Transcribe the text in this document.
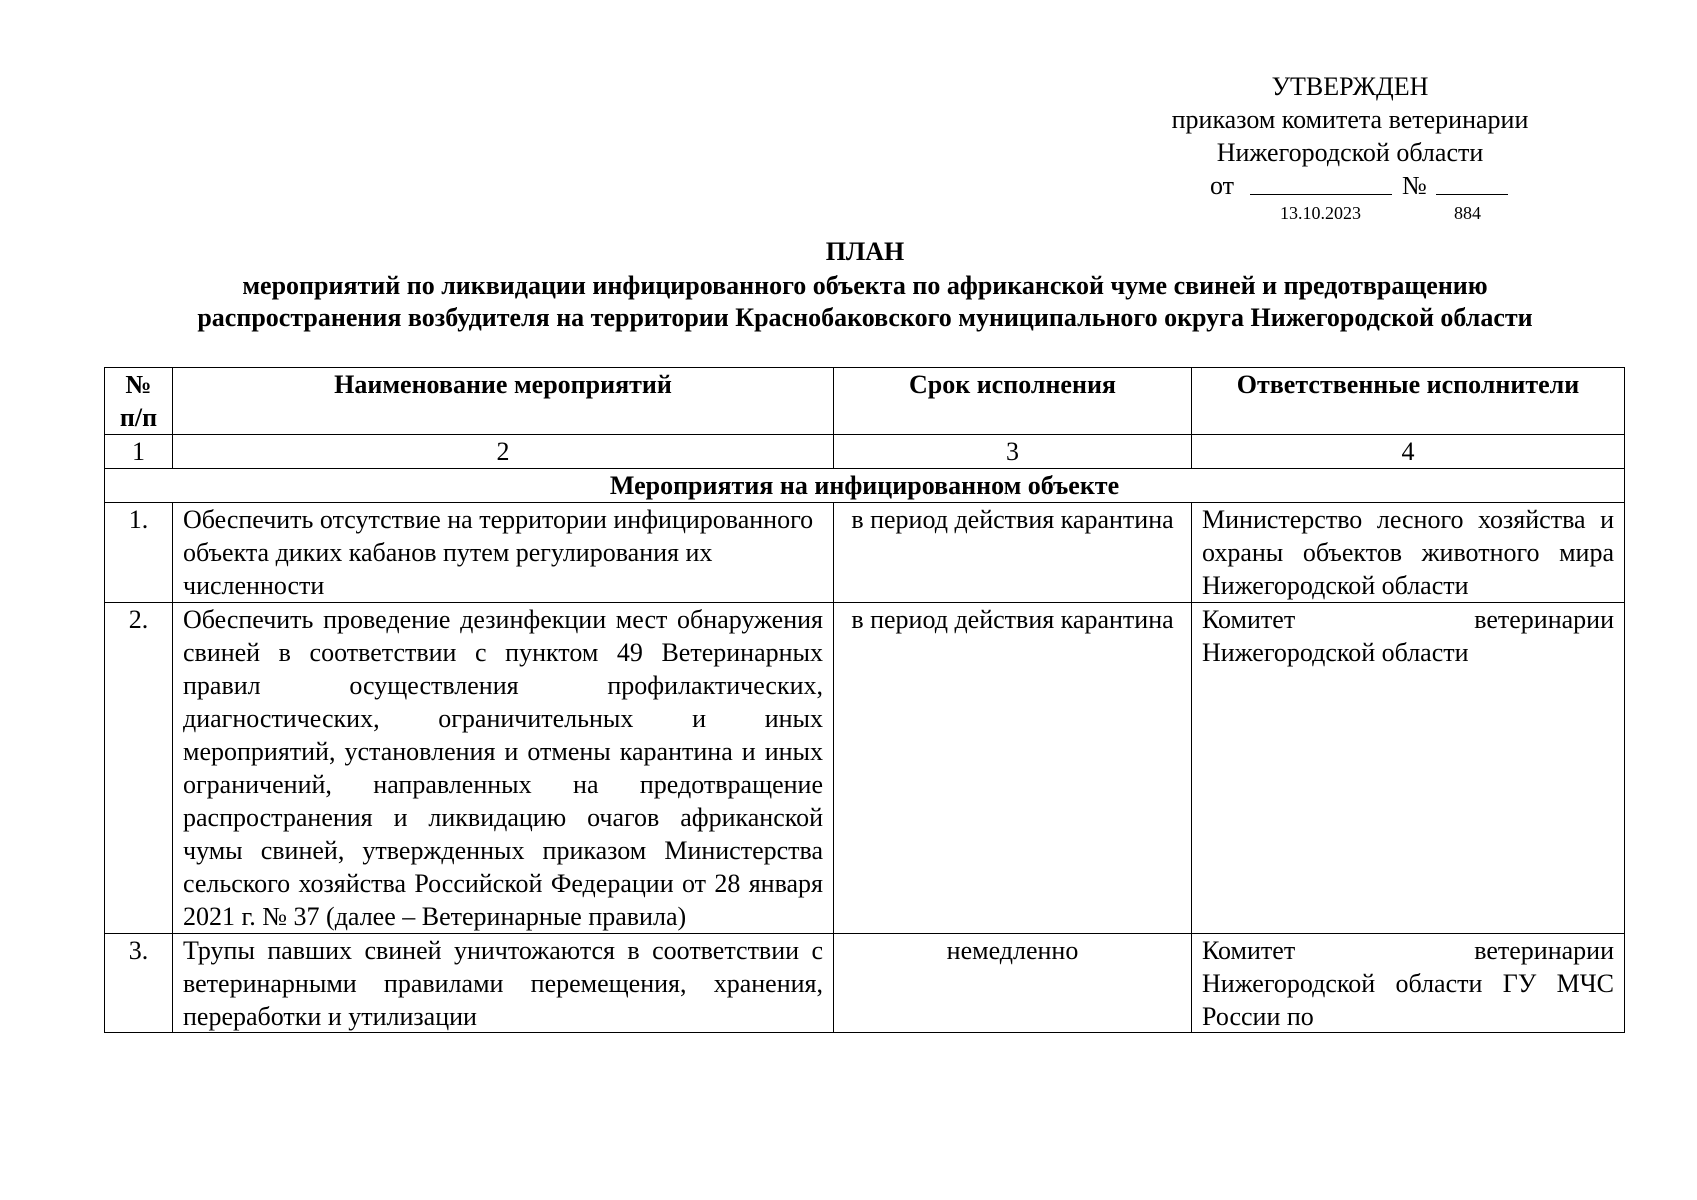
УТВЕРЖДЕН
приказом комитета ветеринарии
Нижегородской области
от	№
13.10.2023	884
ПЛАН
мероприятий по ликвидации инфицированного объекта по африканской чуме свиней и предотвращению
распространения возбудителя на территории Краснобаковского муниципального округа Нижегородской области
№ п/п	Наименование мероприятий	Срок исполнения	Ответственные исполнители
1	2	3	4
Мероприятия на инфицированном объекте			
1.	Обеспечить отсутствие на территории инфицированного объекта диких кабанов путем регулирования их численности	в период действия карантина	Министерство лесного хозяйства и охраны объектов животного мира Нижегородской области
2.	Обеспечить проведение дезинфекции мест обнаружения свиней в соответствии с пунктом 49 Ветеринарных правил осуществления профилактических, диагностических, ограничительных и иных мероприятий, установления и отмены карантина и иных ограничений, направленных на предотвращение распространения и ликвидацию очагов африканской чумы свиней, утвержденных приказом Министерства сельского хозяйства Российской Федерации от 28 января 2021 г. № 37 (далее – Ветеринарные правила)	в период действия карантина	Комитет ветеринарии Нижегородской области
3.	Трупы павших свиней уничтожаются в соответствии с ветеринарными правилами перемещения, хранения, переработки и утилизации	немедленно	Комитет ветеринарии Нижегородской области ГУ МЧС России по
